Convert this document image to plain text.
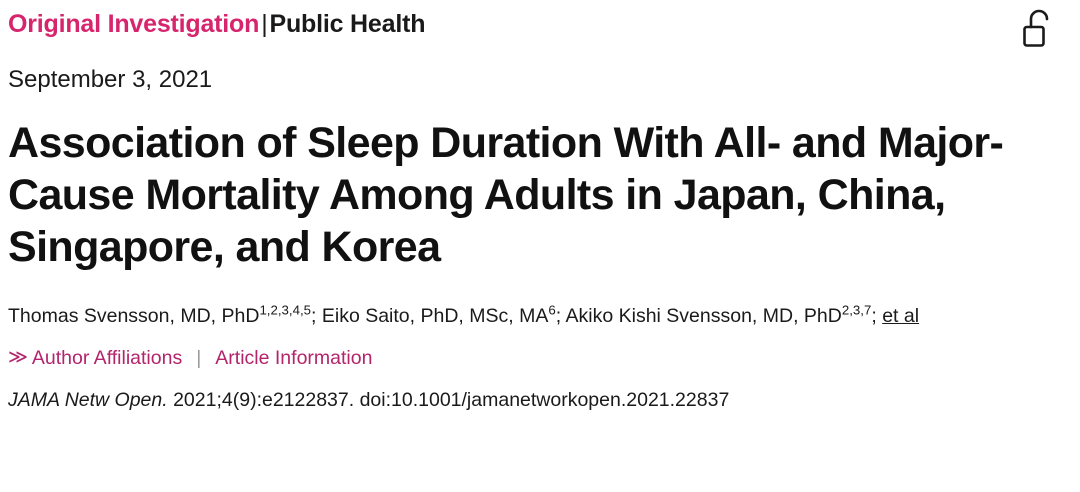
Original Investigation|Public Health
September 3, 2021
Association of Sleep Duration With All- and Major-Cause Mortality Among Adults in Japan, China, Singapore, and Korea
Thomas Svensson, MD, PhD$^{1,2,3,4,5}$; Eiko Saito, PhD, MSc, $MA^6$; Akiko Kishi Svensson, MD, PhD$^{2,3,7}$; et al
≫ Author Affiliations | Article Information
JAMA Netw Open. 2021;4(9):e2122837. doi:10.1001/jamanetworkopen.2021.22837
